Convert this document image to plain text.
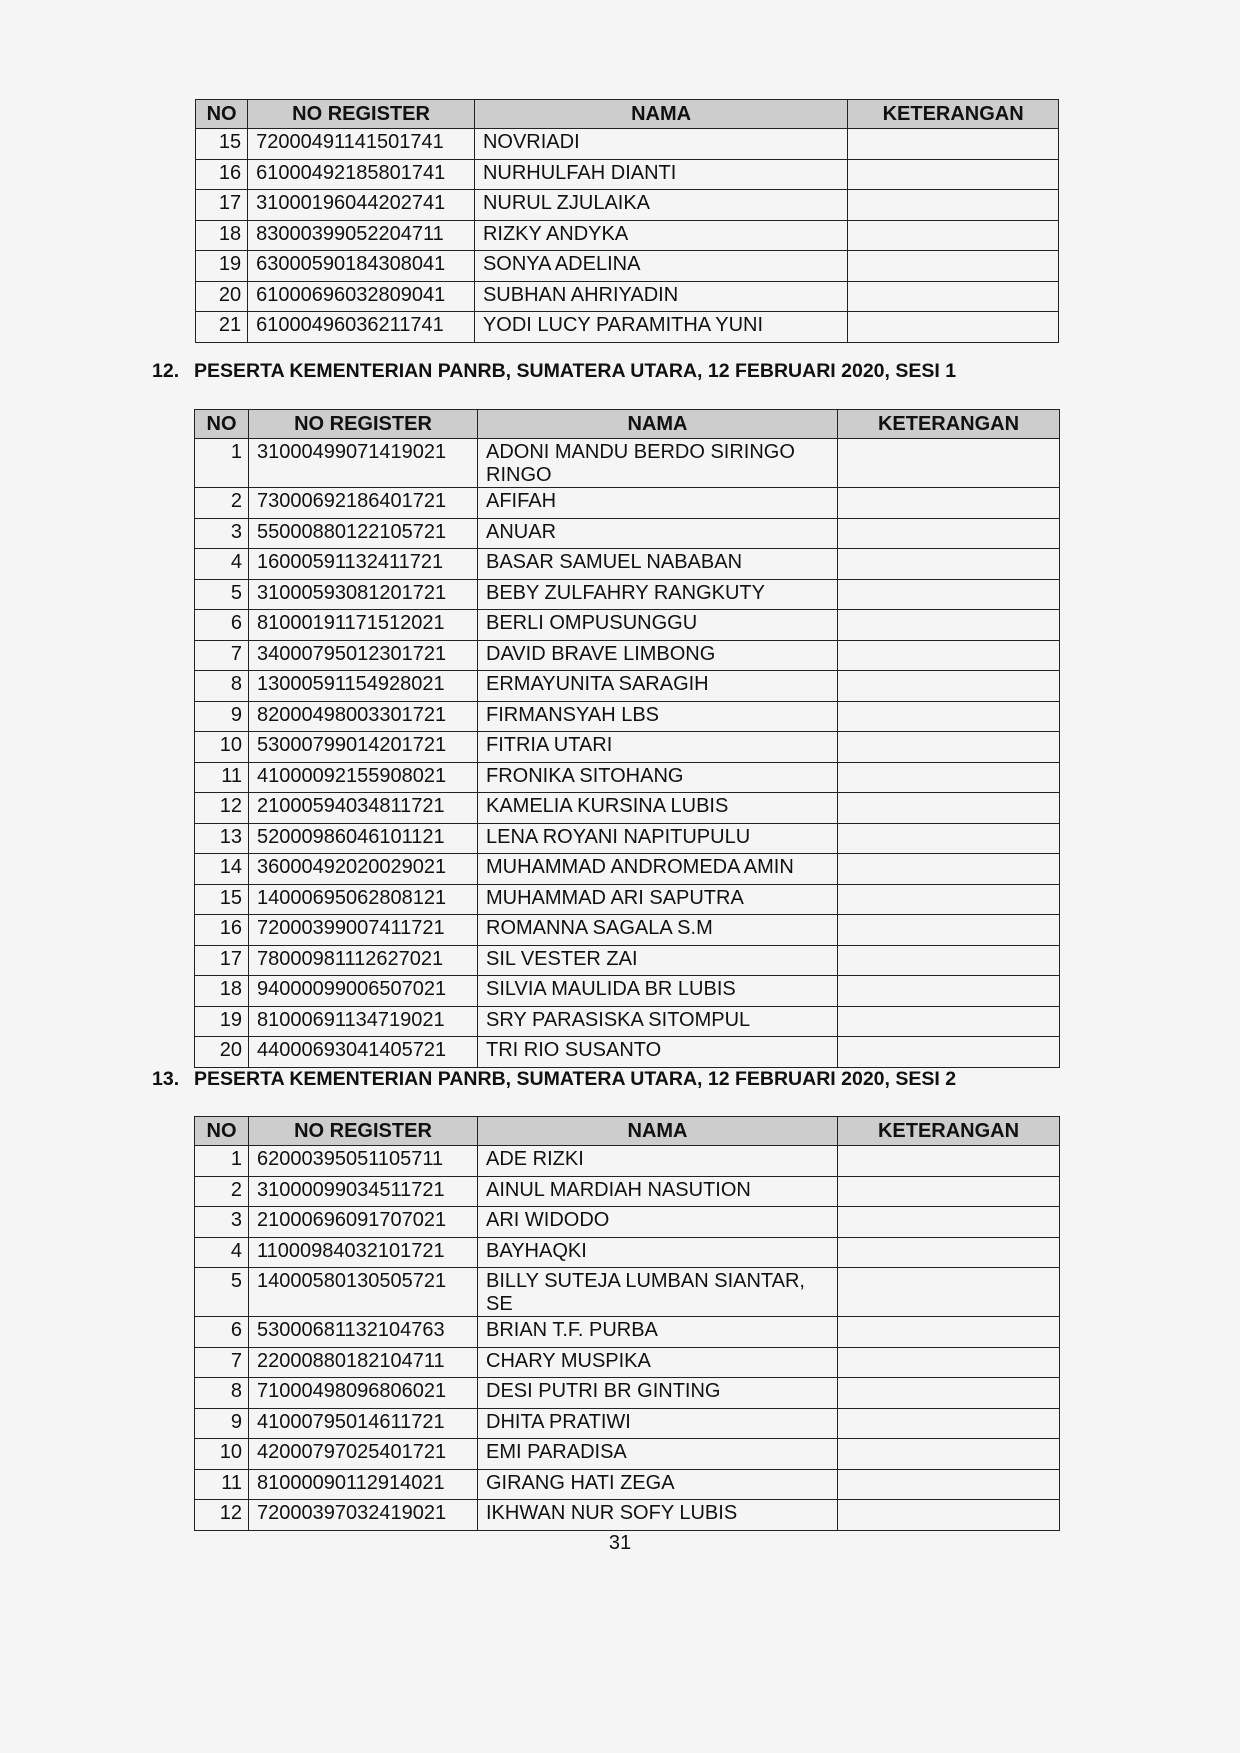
NO	NO REGISTER	NAMA	KETERANGAN
15	72000491141501741	NOVRIADI	
16	61000492185801741	NURHULFAH DIANTI	
17	31000196044202741	NURUL ZJULAIKA	
18	83000399052204711	RIZKY ANDYKA	
19	63000590184308041	SONYA ADELINA	
20	61000696032809041	SUBHAN AHRIYADIN	
21	61000496036211741	YODI LUCY PARAMITHA YUNI	
12. PESERTA KEMENTERIAN PANRB, SUMATERA UTARA, 12 FEBRUARI 2020, SESI 1
NO	NO REGISTER	NAMA	KETERANGAN
1	31000499071419021	ADONI MANDU BERDO SIRINGO RINGO	
2	73000692186401721	AFIFAH	
3	55000880122105721	ANUAR	
4	16000591132411721	BASAR SAMUEL NABABAN	
5	31000593081201721	BEBY ZULFAHRY RANGKUTY	
6	81000191171512021	BERLI OMPUSUNGGU	
7	34000795012301721	DAVID BRAVE LIMBONG	
8	13000591154928021	ERMAYUNITA SARAGIH	
9	82000498003301721	FIRMANSYAH LBS	
10	53000799014201721	FITRIA UTARI	
11	41000092155908021	FRONIKA SITOHANG	
12	21000594034811721	KAMELIA KURSINA LUBIS	
13	52000986046101121	LENA ROYANI NAPITUPULU	
14	36000492020029021	MUHAMMAD ANDROMEDA AMIN	
15	14000695062808121	MUHAMMAD ARI SAPUTRA	
16	72000399007411721	ROMANNA SAGALA S.M	
17	78000981112627021	SIL VESTER ZAI	
18	94000099006507021	SILVIA MAULIDA BR LUBIS	
19	81000691134719021	SRY PARASISKA SITOMPUL	
20	44000693041405721	TRI RIO SUSANTO	
13. PESERTA KEMENTERIAN PANRB, SUMATERA UTARA, 12 FEBRUARI 2020, SESI 2
NO	NO REGISTER	NAMA	KETERANGAN
1	62000395051105711	ADE RIZKI	
2	31000099034511721	AINUL MARDIAH NASUTION	
3	21000696091707021	ARI WIDODO	
4	11000984032101721	BAYHAQKI	
5	14000580130505721	BILLY SUTEJA LUMBAN SIANTAR, SE	
6	53000681132104763	BRIAN T.F. PURBA	
7	22000880182104711	CHARY MUSPIKA	
8	71000498096806021	DESI PUTRI BR GINTING	
9	41000795014611721	DHITA PRATIWI	
10	42000797025401721	EMI PARADISA	
11	81000090112914021	GIRANG HATI ZEGA	
12	72000397032419021	IKHWAN NUR SOFY LUBIS	
31
